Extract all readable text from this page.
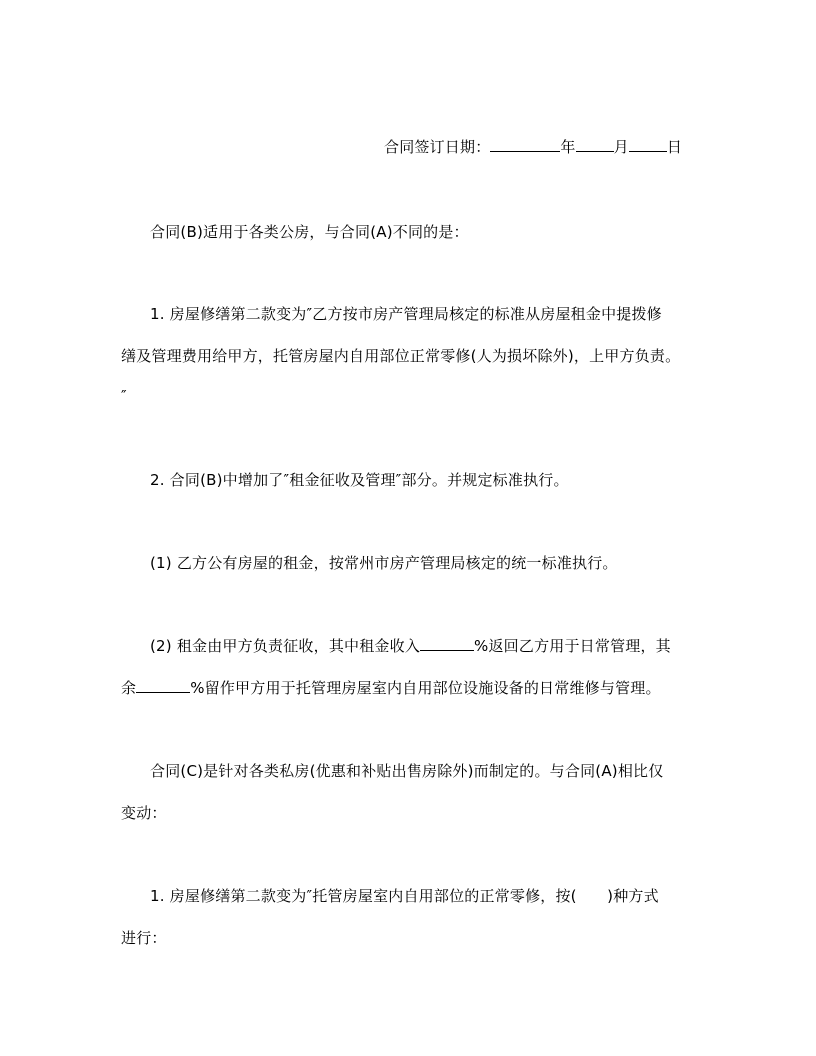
合同签订日期：	年	月	日
合同(B)适用于各类公房，与合同(A)不同的是：
1. 房屋修缮第二款变为″乙方按市房产管理局核定的标准从房屋租金中提拨修
缮及管理费用给甲方，托管房屋内自用部位正常零修(人为损坏除外)，上甲方负责。
″
2. 合同(B)中增加了″租金征收及管理″部分。并规定标准执行。
(1) 乙方公有房屋的租金，按常州市房产管理局核定的统一标准执行。
(2) 租金由甲方负责征收，其中租金收入	%返回乙方用于日常管理，其
余	%留作甲方用于托管理房屋室内自用部位设施设备的日常维修与管理。
合同(C)是针对各类私房(优惠和补贴出售房除外)而制定的。与合同(A)相比仅
变动：
1. 房屋修缮第二款变为″托管房屋室内自用部位的正常零修，按(　　)种方式
进行：
